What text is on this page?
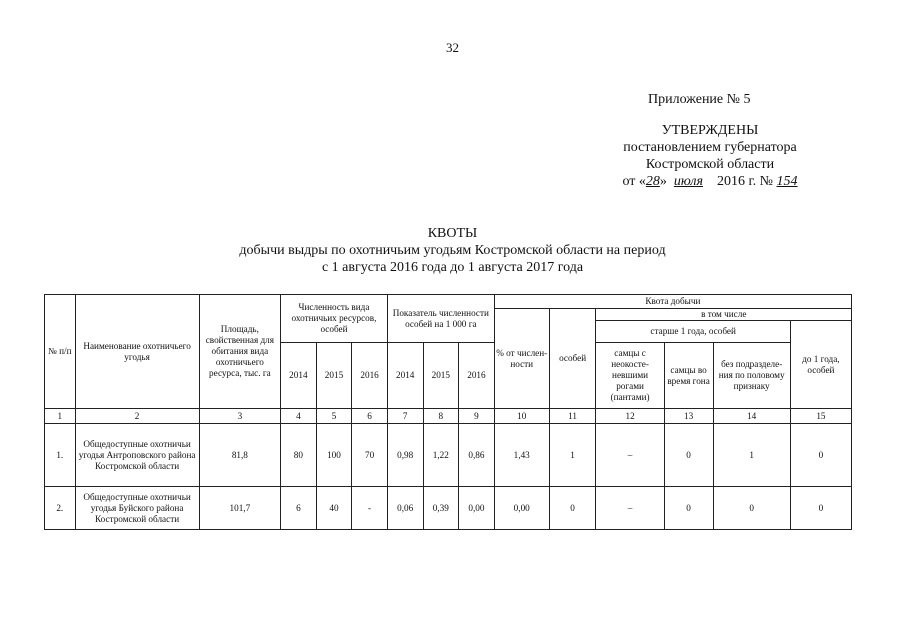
32
Приложение № 5
УТВЕРЖДЕНЫ
постановлением губернатора
Костромской области
от «28» июля 2016 г. № 154
КВОТЫ
добычи выдры по охотничьим угодьям Костромской области на период
с 1 августа 2016 года до 1 августа 2017 года
№ п/п	Наименование охотничьего угодья	Площадь, свойственная для обитания вида охотничьего ресурса, тыс. га	Численность вида охотничьих ресурсов, особей			Показатель численности особей на 1 000 га			Квота добычи					
									% от числен-ности	особей	в том числе			
											старше 1 года, особей			до 1 года, особей
			2014	2015	2016	2014	2015	2016			самцы с неокосте-невшими рогами (пантами)	самцы во время гона	без подразделе-ния по половому признаку	
1	2	3	4	5	6	7	8	9	10	11	12	13	14	15
1.	Общедоступные охотничьи угодья Антроповского района Костромской области	81,8	80	100	70	0,98	1,22	0,86	1,43	1	–	0	1	0
2.	Общедоступные охотничьи угодья Буйского района Костромской области	101,7	6	40	-	0,06	0,39	0,00	0,00	0	–	0	0	0
